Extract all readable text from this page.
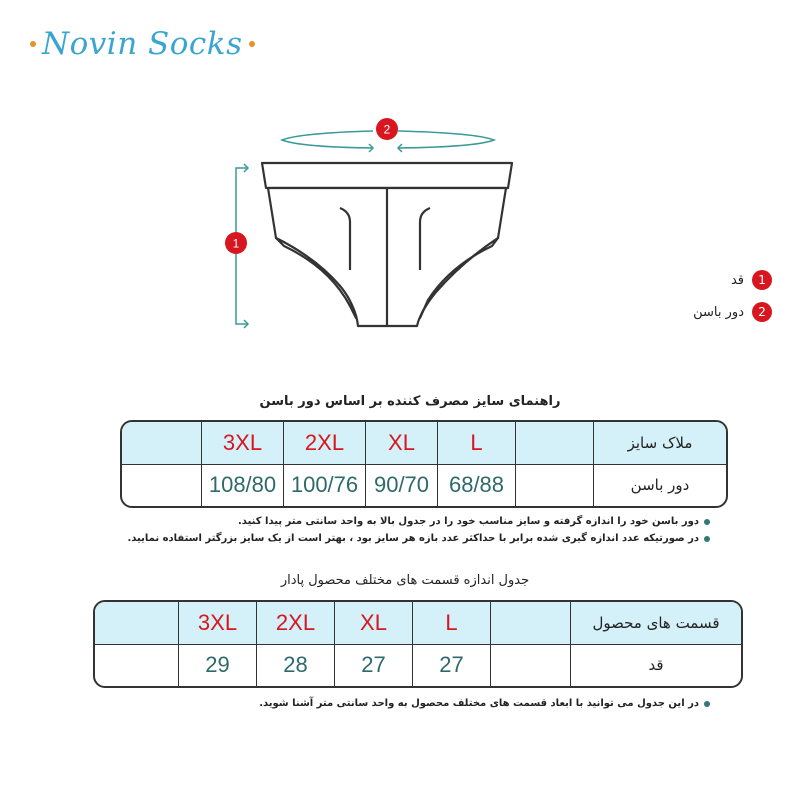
Novin Socks
1
2
1
قد
2
دور باسن
راهنمای سایز مصرف کننده بر اساس دور باسن
	3XL	2XL	XL	L		ملاک سایز
	108/80	100/76	90/70	68/88		دور باسن
دور باسن خود را اندازه گرفته و سایز مناسب خود را در جدول بالا به واحد سانتی متر پیدا کنید.
در صورتیکه عدد اندازه گیری شده برابر با حداکثر عدد بازه هر سایز بود ، بهتر است از یک سایز بزرگتر استفاده نمایید.
جدول اندازه قسمت های مختلف محصول پادار
	3XL	2XL	XL	L		قسمت های محصول
	29	28	27	27		قد
در این جدول می توانید با ابعاد قسمت های مختلف محصول به واحد سانتی متر آشنا شوید.
